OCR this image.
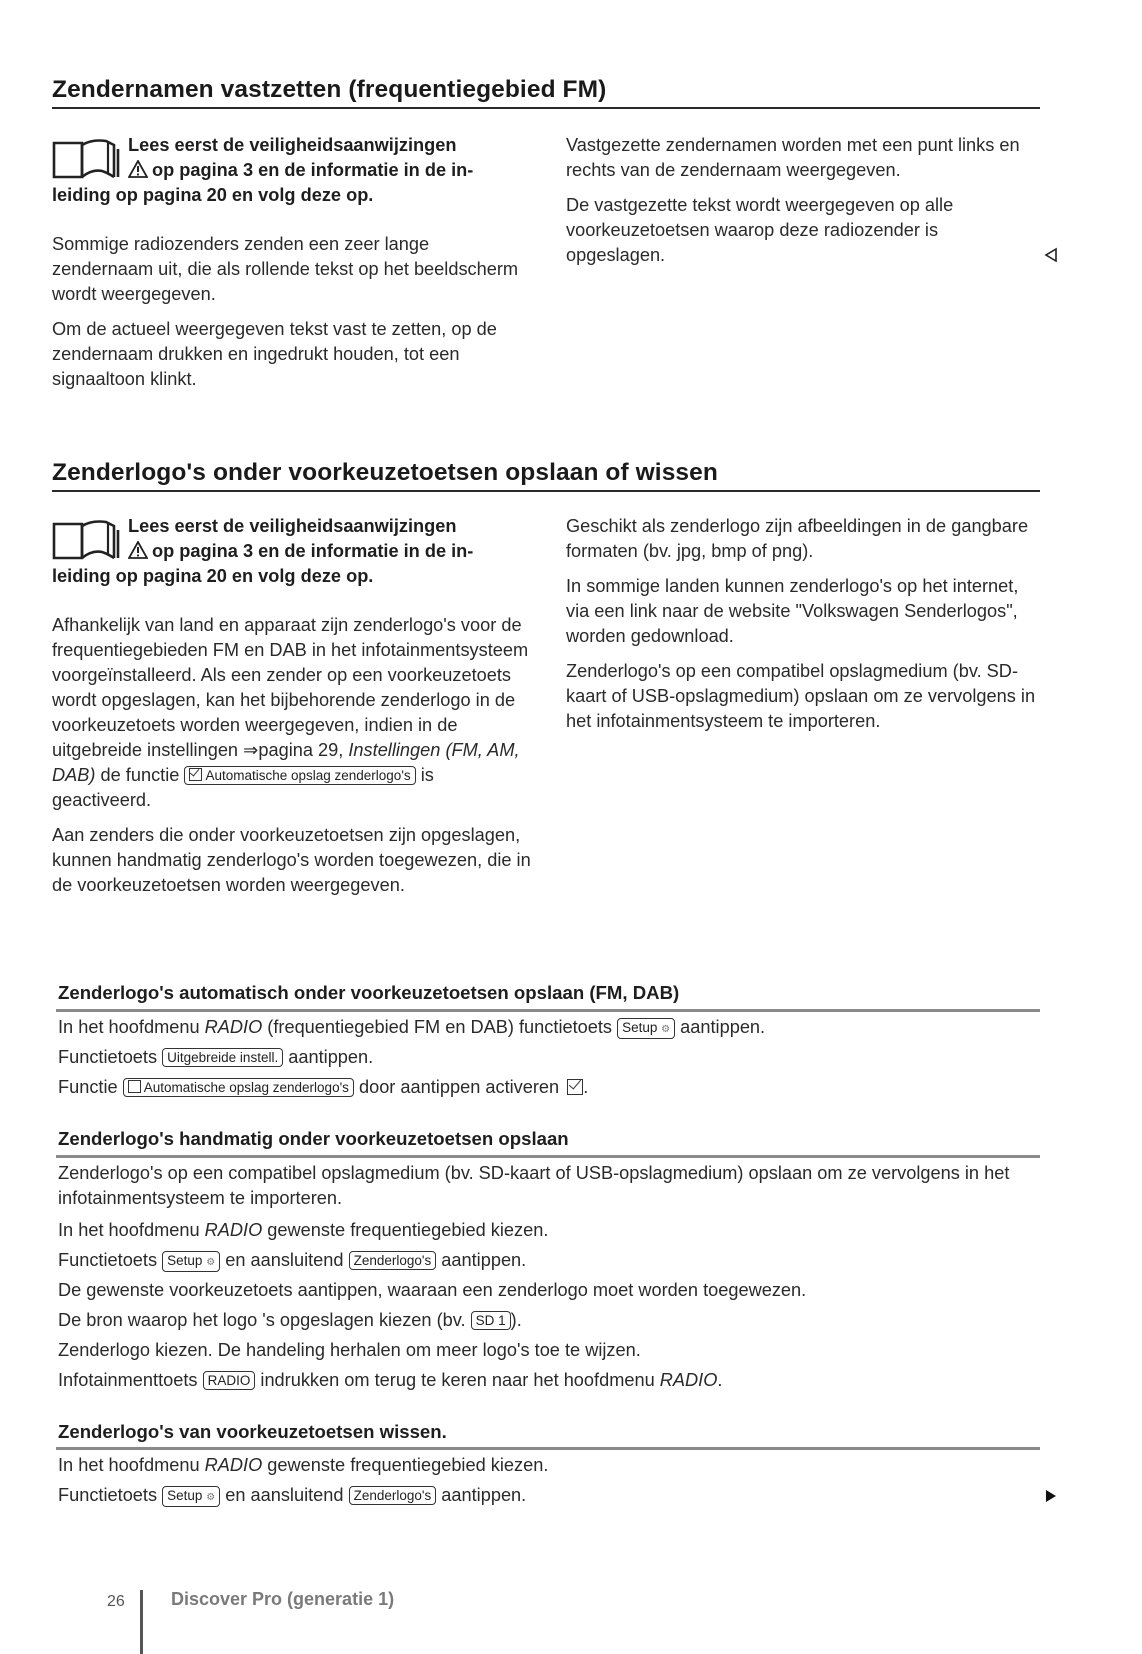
Zendernamen vastzetten (frequentiegebied FM)
Lees eerst de veiligheidsaanwijzingen
op pagina 3 en de informatie in de in-
leiding op pagina 20 en volg deze op.

Sommige radiozenders zenden een zeer lange zendernaam uit, die als rollende tekst op het beeldscherm wordt weergegeven.

Om de actueel weergegeven tekst vast te zetten, op de zendernaam drukken en ingedrukt houden, tot een signaaltoon klinkt.

Vastgezette zendernamen worden met een punt links en rechts van de zendernaam weergegeven.

De vastgezette tekst wordt weergegeven op alle voorkeuzetoetsen waarop deze radiozender is opgeslagen.

Zenderlogo's onder voorkeuzetoetsen opslaan of wissen
Lees eerst de veiligheidsaanwijzingen
op pagina 3 en de informatie in de in-
leiding op pagina 20 en volg deze op.

Afhankelijk van land en apparaat zijn zenderlogo's voor de frequentiegebieden FM en DAB in het infotainmentsysteem voorgeïnstalleerd. Als een zender op een voorkeuzetoets wordt opgeslagen, kan het bijbehorende zenderlogo in de voorkeuzetoets worden weergegeven, indien in de uitgebreide instellingen ⇒pagina 29, Instellingen (FM, AM, DAB) de functie Automatische opslag zenderlogo's is geactiveerd.

Aan zenders die onder voorkeuzetoetsen zijn opgeslagen, kunnen handmatig zenderlogo's worden toegewezen, die in de voorkeuzetoetsen worden weergegeven.

Geschikt als zenderlogo zijn afbeeldingen in de gangbare formaten (bv. jpg, bmp of png).

In sommige landen kunnen zenderlogo's op het internet, via een link naar de website "Volkswagen Senderlogos", worden gedownload.

Zenderlogo's op een compatibel opslagmedium (bv. SD-kaart of USB-opslagmedium) opslaan om ze vervolgens in het infotainmentsysteem te importeren.

Zenderlogo's automatisch onder voorkeuzetoetsen opslaan (FM, DAB)
In het hoofdmenu RADIO (frequentiegebied FM en DAB) functietoets Setup ⚙ aantippen.
Functietoets Uitgebreide instell. aantippen.
Functie Automatische opslag zenderlogo's door aantippen activeren .
Zenderlogo's handmatig onder voorkeuzetoetsen opslaan
Zenderlogo's op een compatibel opslagmedium (bv. SD-kaart of USB-opslagmedium) opslaan om ze vervolgens in het infotainmentsysteem te importeren.
In het hoofdmenu RADIO gewenste frequentiegebied kiezen.
Functietoets Setup ⚙ en aansluitend Zenderlogo's aantippen.
De gewenste voorkeuzetoets aantippen, waaraan een zenderlogo moet worden toegewezen.
De bron waarop het logo 's opgeslagen kiezen (bv. SD 1 ).
Zenderlogo kiezen. De handeling herhalen om meer logo's toe te wijzen.
Infotainmenttoets RADIO indrukken om terug te keren naar het hoofdmenu RADIO.
Zenderlogo's van voorkeuzetoetsen wissen.
In het hoofdmenu RADIO gewenste frequentiegebied kiezen.
Functietoets Setup ⚙ en aansluitend Zenderlogo's aantippen.
26	Discover Pro (generatie 1)
